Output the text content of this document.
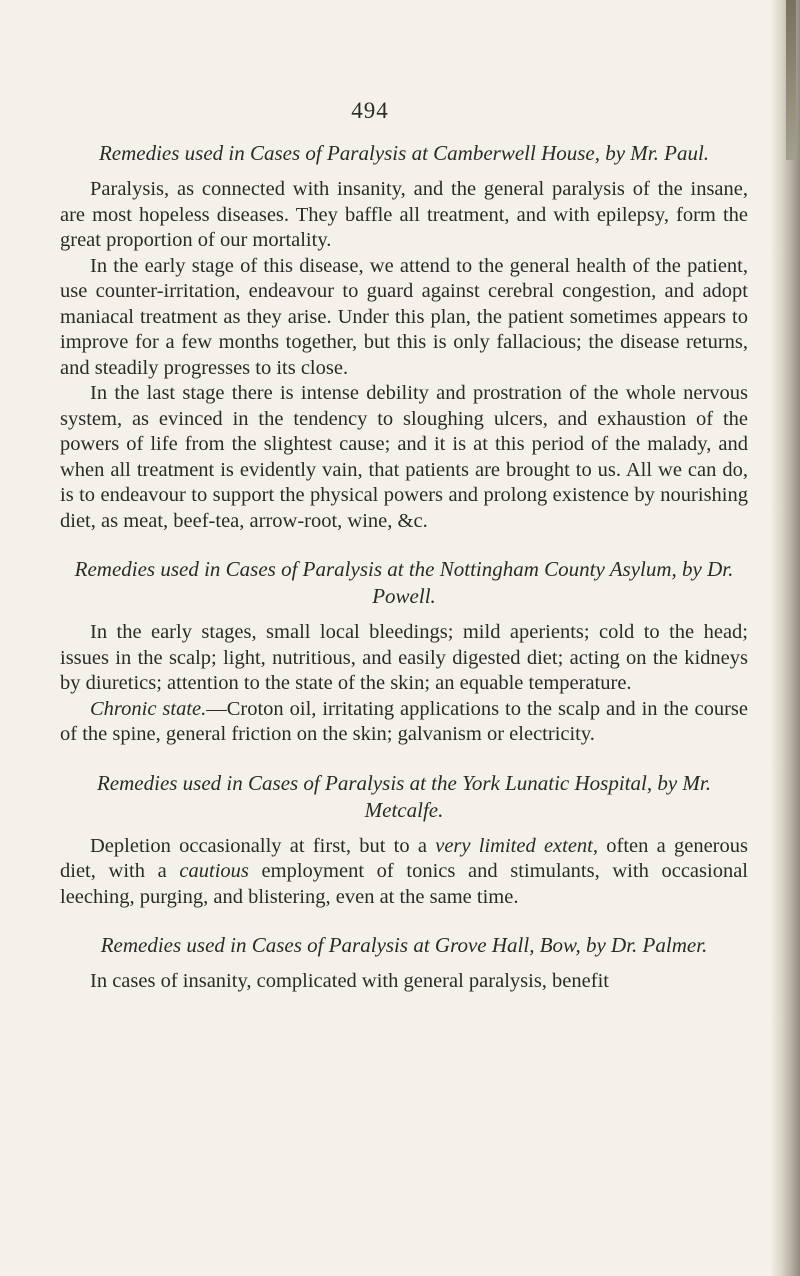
494

Remedies used in Cases of Paralysis at Camberwell House, by Mr. Paul.

Paralysis, as connected with insanity, and the general paralysis of the insane, are most hopeless diseases. They baffle all treatment, and with epilepsy, form the great proportion of our mortality.

In the early stage of this disease, we attend to the general health of the patient, use counter-irritation, endeavour to guard against cerebral congestion, and adopt maniacal treatment as they arise. Under this plan, the patient sometimes appears to improve for a few months together, but this is only fallacious; the disease returns, and steadily progresses to its close.

In the last stage there is intense debility and prostration of the whole nervous system, as evinced in the tendency to sloughing ulcers, and exhaustion of the powers of life from the slightest cause; and it is at this period of the malady, and when all treatment is evidently vain, that patients are brought to us. All we can do, is to endeavour to support the physical powers and prolong existence by nourishing diet, as meat, beef-tea, arrow-root, wine, &c.

Remedies used in Cases of Paralysis at the Nottingham County Asylum, by Dr. Powell.

In the early stages, small local bleedings; mild aperients; cold to the head; issues in the scalp; light, nutritious, and easily digested diet; acting on the kidneys by diuretics; attention to the state of the skin; an equable temperature.

Chronic state.—Croton oil, irritating applications to the scalp and in the course of the spine, general friction on the skin; galvanism or electricity.

Remedies used in Cases of Paralysis at the York Lunatic Hospital, by Mr. Metcalfe.

Depletion occasionally at first, but to a very limited extent, often a generous diet, with a cautious employment of tonics and stimulants, with occasional leeching, purging, and blistering, even at the same time.

Remedies used in Cases of Paralysis at Grove Hall, Bow, by Dr. Palmer.

In cases of insanity, complicated with general paralysis, benefit
